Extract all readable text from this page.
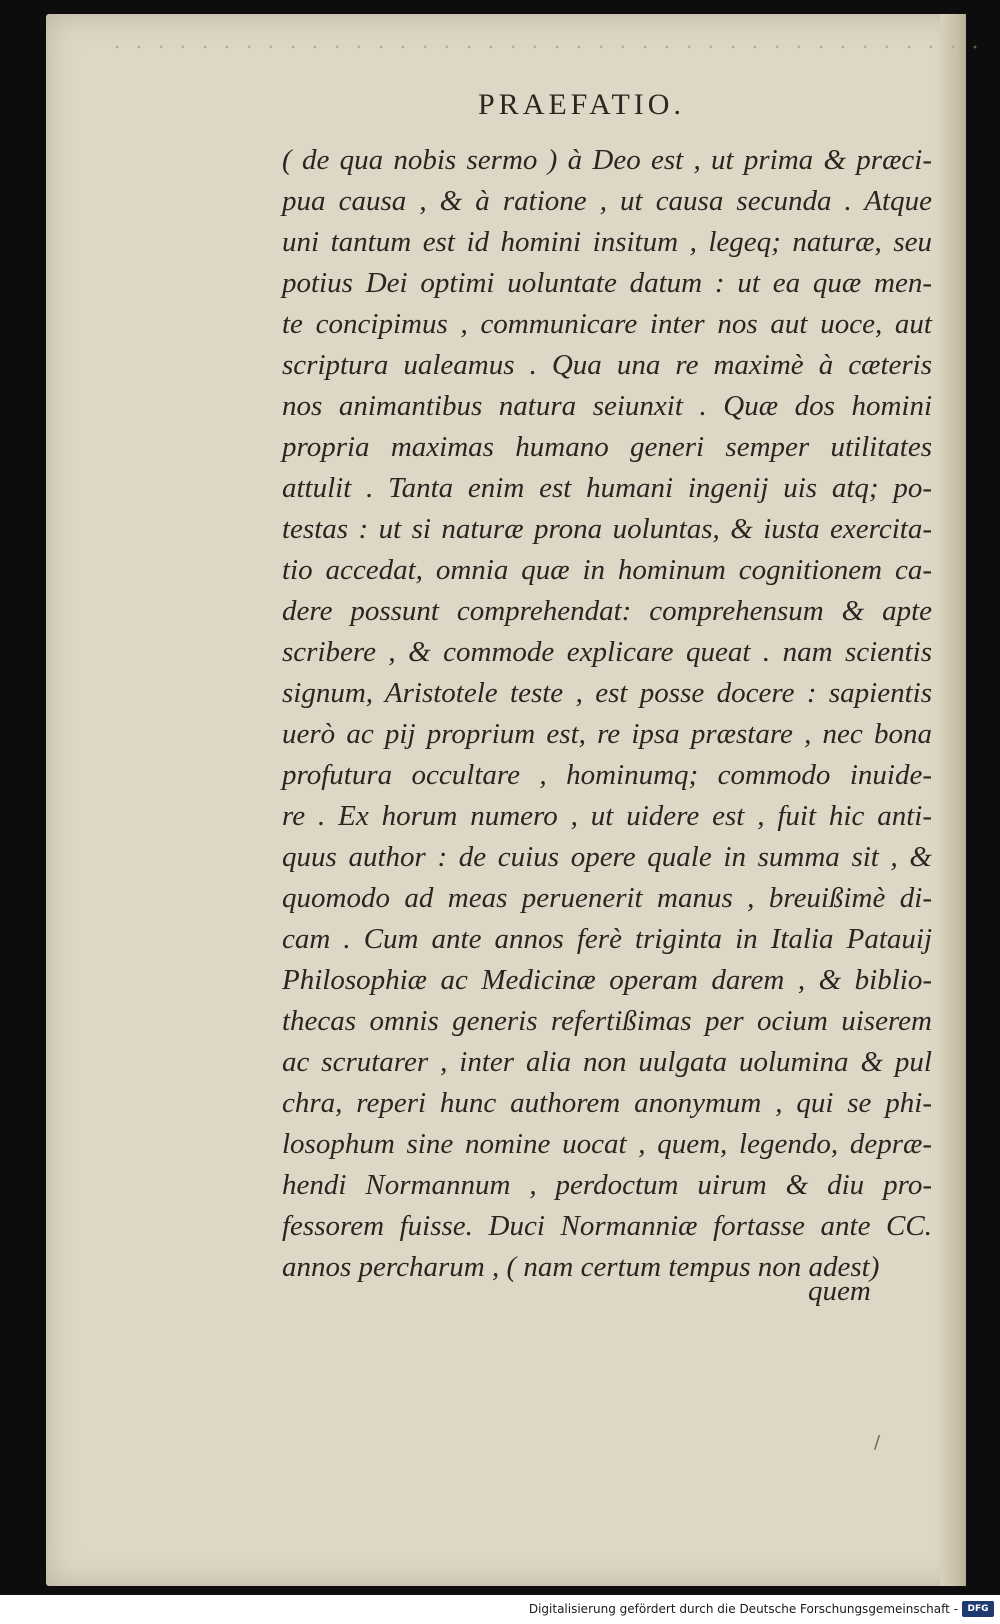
PRAEFATIO.
( de qua nobis sermo ) à Deo est , ut prima & præci-
pua causa , & à ratione , ut causa secunda . Atque
uni tantum est id homini insitum , legeq; naturæ, seu
potius Dei optimi uoluntate datum : ut ea quæ men-
te concipimus , communicare inter nos aut uoce, aut
scriptura ualeamus . Qua una re maximè à cæteris
nos animantibus natura seiunxit . Quæ dos homini
propria maximas humano generi semper utilitates
attulit . Tanta enim est humani ingenij uis atq; po-
testas : ut si naturæ prona uoluntas, & iusta exercita-
tio accedat, omnia quæ in hominum cognitionem ca-
dere possunt comprehendat: comprehensum & apte
scribere , & commode explicare queat . nam scientis
signum, Aristotele teste , est posse docere : sapientis
uerò ac pij proprium est, re ipsa præstare , nec bona
profutura occultare , hominumq; commodo inuide-
re . Ex horum numero , ut uidere est , fuit hic anti-
quus author : de cuius opere quale in summa sit , &
quomodo ad meas peruenerit manus , breuißimè di-
cam . Cum ante annos ferè triginta in Italia Patauij
Philosophiæ ac Medicinæ operam darem , & biblio-
thecas omnis generis refertißimas per ocium uiserem
ac scrutarer , inter alia non uulgata uolumina & pul
chra, reperi hunc authorem anonymum , qui se phi-
losophum sine nomine uocat , quem, legendo, depræ-
hendi Normannum , perdoctum uirum & diu pro-
fessorem fuisse. Duci Normanniæ fortasse ante CC.
annos percharum , ( nam certum tempus non adest)
quem
/
Digitalisierung gefördert durch die Deutsche Forschungsgemeinschaft -	DFG
